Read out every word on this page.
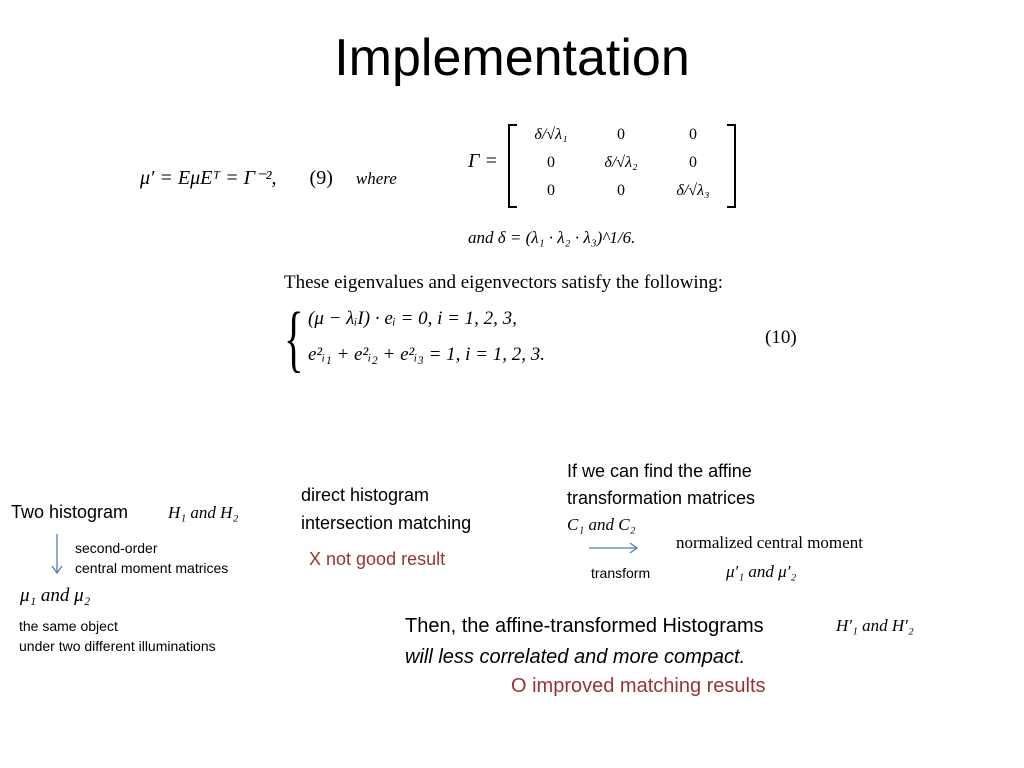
Implementation
μ′ = EμEᵀ = Γ⁻², (9) where
Γ =
δ/√λ₁	0	0
0	δ/√λ₂	0
0	0	δ/√λ₃
and δ = (λ₁ · λ₂ · λ₃)^1/6.
These eigenvalues and eigenvectors satisfy the following:
{ (μ − λᵢI) · eᵢ = 0, i = 1, 2, 3,
e²ᵢ₁ + e²ᵢ₂ + e²ᵢ₃ = 1, i = 1, 2, 3.
(10)
Two histogram H₁ and H₂
second-order
central moment matrices
μ₁ and μ₂
the same object
under two different illuminations
direct histogram
intersection matching
X not good result
If we can find the affine
transformation matrices
C₁ and C₂
normalized central moment
transform	μ′₁ and μ′₂
Then, the affine-transformed Histograms	H′₁ and H′₂
will less correlated and more compact.
O improved matching results
